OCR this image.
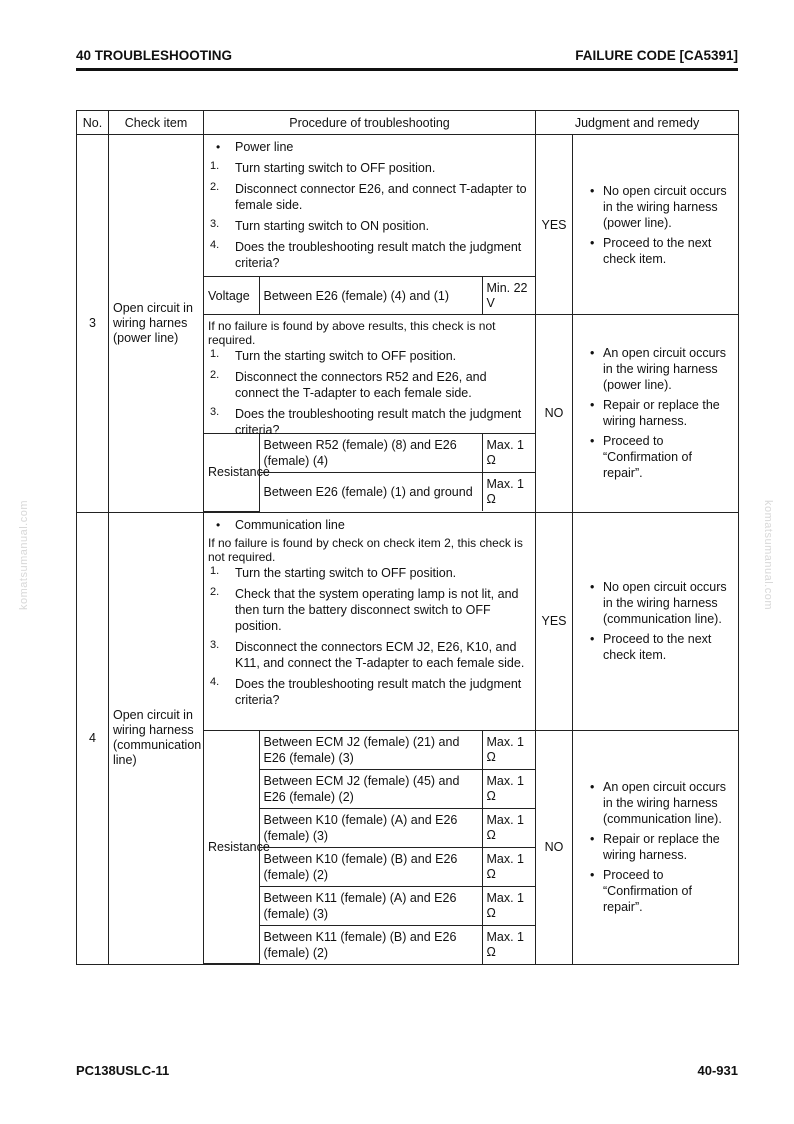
40 TROUBLESHOOTING	FAILURE CODE [CA5391]
komatsumanual.com	komatsumanual.com
No.	Check item	Procedure of troubleshooting	Judgment and remedy
3	Open circuit in wiring harnes (power line)	
• Power line
1. Turn starting switch to OFF position.
2. Disconnect connector E26, and connect T-adapter to female side.
3. Turn starting switch to ON position.
4. Does the troubleshooting result match the judgment criteria?
	YES	
• No open circuit occurs in the wiring harness (power line).
• Proceed to the next check item.

Voltage	Between E26 (female) (4) and (1)	Min. 22 V

If no failure is found by above results, this check is not required.
1. Turn the starting switch to OFF position.
2. Disconnect the connectors R52 and E26, and connect the T-adapter to each female side.
3. Does the troubleshooting result match the judgment criteria?
Resistance	Between R52 (female) (8) and E26 (female) (4)	Max. 1 Ω
Between E26 (female) (1) and ground	Max. 1 Ω
	NO	
• An open circuit occurs in the wiring harness (power line).
• Repair or replace the wiring harness.
• Proceed to “Confirmation of repair”.

4	Open circuit in wiring harness (communication line)	
• Communication line
If no failure is found by check on check item 2, this check is not required.
1. Turn the starting switch to OFF position.
2. Check that the system operating lamp is not lit, and then turn the battery disconnect switch to OFF position.
3. Disconnect the connectors ECM J2, E26, K10, and K11, and connect the T-adapter to each female side.
4. Does the troubleshooting result match the judgment criteria?
	YES	
• No open circuit occurs in the wiring harness (communication line).
• Proceed to the next check item.

Resistance	Between ECM J2 (female) (21) and E26 (female) (3)	Max. 1 Ω
Between ECM J2 (female) (45) and E26 (female) (2)	Max. 1 Ω
Between K10 (female) (A) and E26 (female) (3)	Max. 1 Ω
Between K10 (female) (B) and E26 (female) (2)	Max. 1 Ω
Between K11 (female) (A) and E26 (female) (3)	Max. 1 Ω
Between K11 (female) (B) and E26 (female) (2)	Max. 1 Ω
	NO	
• An open circuit occurs in the wiring harness (communication line).
• Repair or replace the wiring harness.
• Proceed to “Confirmation of repair”.
PC138USLC-11	40-931
